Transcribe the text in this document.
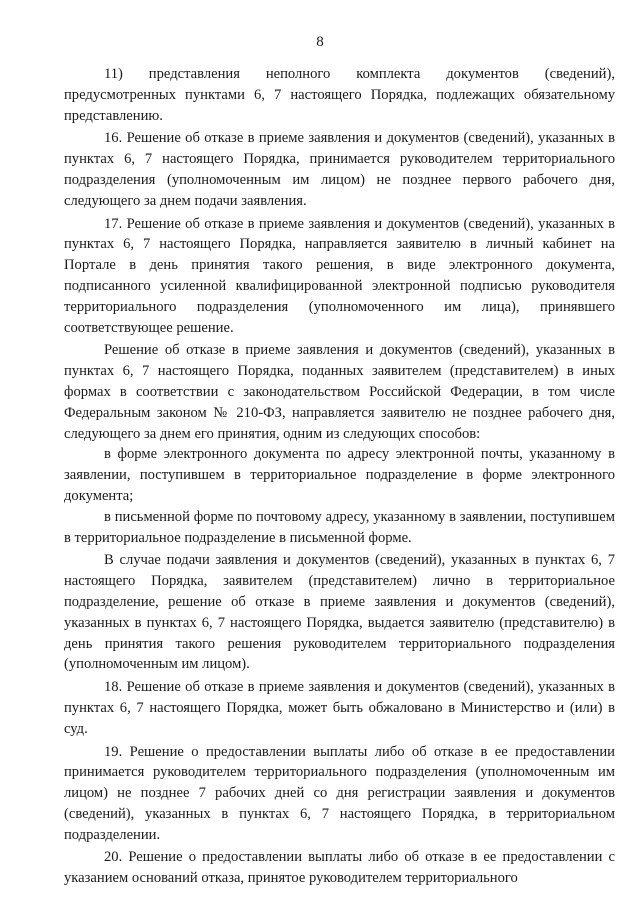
8

11) представления неполного комплекта документов (сведений), предусмотренных пунктами 6, 7 настоящего Порядка, подлежащих обязательному представлению.

16. Решение об отказе в приеме заявления и документов (сведений), указанных в пунктах 6, 7 настоящего Порядка, принимается руководителем территориального подразделения (уполномоченным им лицом) не позднее первого рабочего дня, следующего за днем подачи заявления.

17. Решение об отказе в приеме заявления и документов (сведений), указанных в пунктах 6, 7 настоящего Порядка, направляется заявителю в личный кабинет на Портале в день принятия такого решения, в виде электронного документа, подписанного усиленной квалифицированной электронной подписью руководителя территориального подразделения (уполномоченного им лица), принявшего соответствующее решение.

Решение об отказе в приеме заявления и документов (сведений), указанных в пунктах 6, 7 настоящего Порядка, поданных заявителем (представителем) в иных формах в соответствии с законодательством Российской Федерации, в том числе Федеральным законом № 210-ФЗ, направляется заявителю не позднее рабочего дня, следующего за днем его принятия, одним из следующих способов:

в форме электронного документа по адресу электронной почты, указанному в заявлении, поступившем в территориальное подразделение в форме электронного документа;

в письменной форме по почтовому адресу, указанному в заявлении, поступившем в территориальное подразделение в письменной форме.

В случае подачи заявления и документов (сведений), указанных в пунктах 6, 7 настоящего Порядка, заявителем (представителем) лично в территориальное подразделение, решение об отказе в приеме заявления и документов (сведений), указанных в пунктах 6, 7 настоящего Порядка, выдается заявителю (представителю) в день принятия такого решения руководителем территориального подразделения (уполномоченным им лицом).

18. Решение об отказе в приеме заявления и документов (сведений), указанных в пунктах 6, 7 настоящего Порядка, может быть обжаловано в Министерство и (или) в суд.

19. Решение о предоставлении выплаты либо об отказе в ее предоставлении принимается руководителем территориального подразделения (уполномоченным им лицом) не позднее 7 рабочих дней со дня регистрации заявления и документов (сведений), указанных в пунктах 6, 7 настоящего Порядка, в территориальном подразделении.

20. Решение о предоставлении выплаты либо об отказе в ее предоставлении с указанием оснований отказа, принятое руководителем территориального
